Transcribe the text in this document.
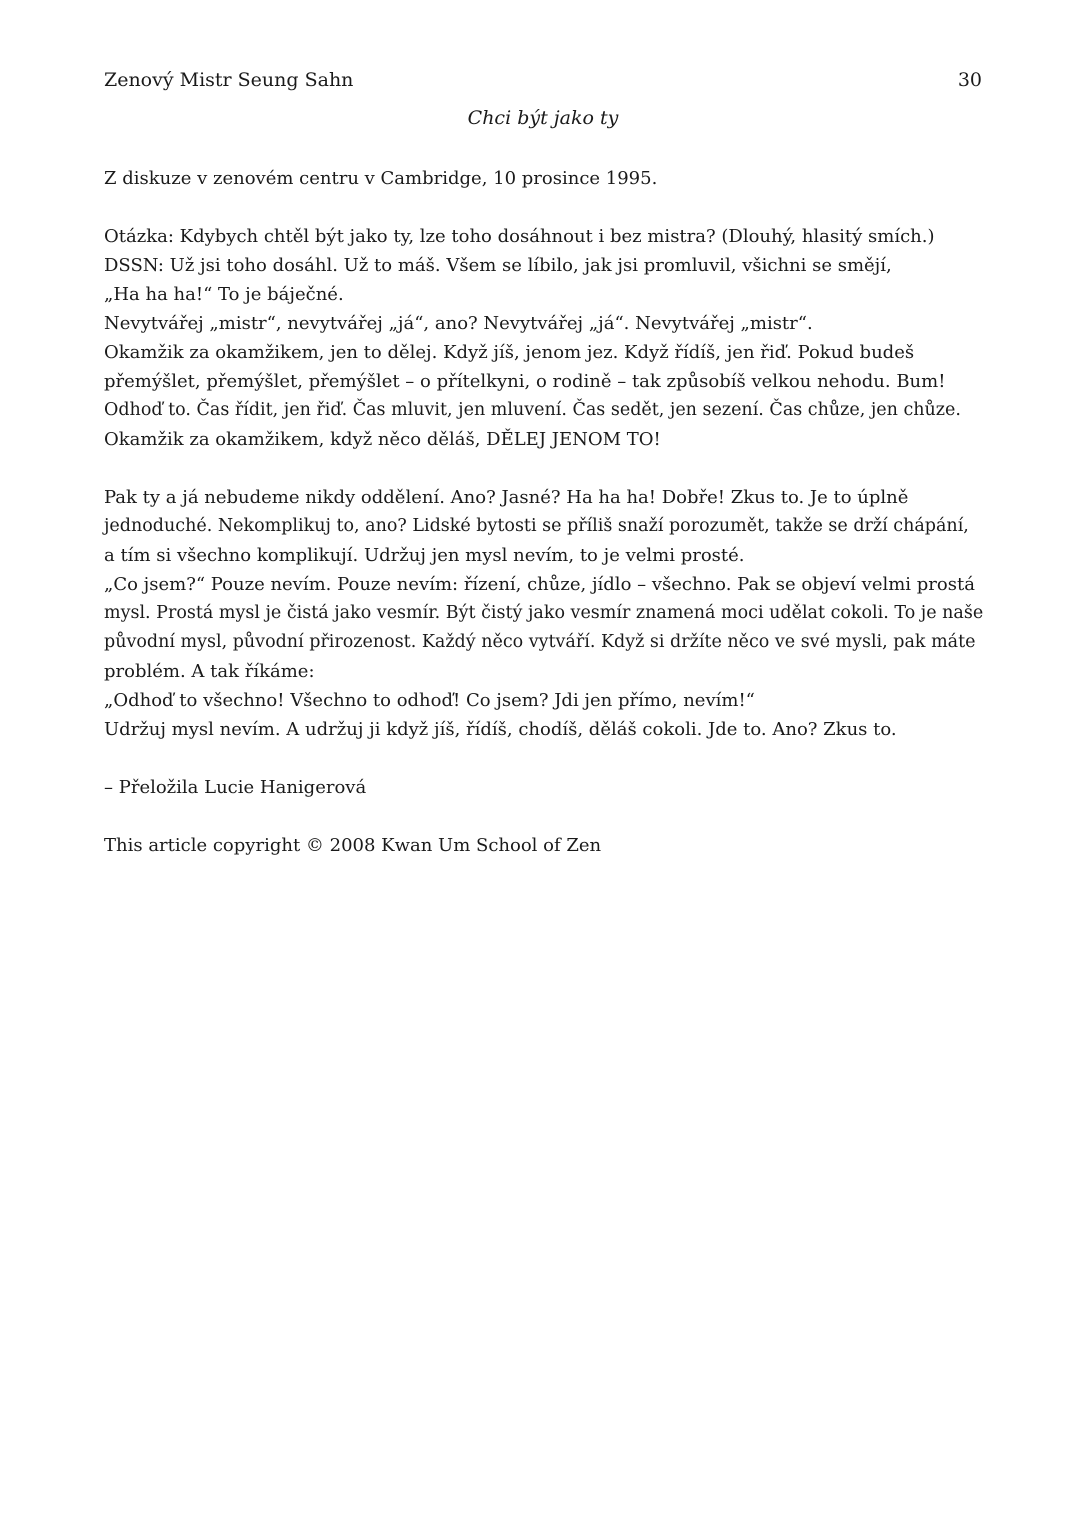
Zenový Mistr Seung Sahn	30
Chci být jako ty
Z diskuze v zenovém centru v Cambridge, 10 prosince 1995.
Otázka: Kdybych chtěl být jako ty, lze toho dosáhnout i bez mistra? (Dlouhý, hlasitý smích.)
DSSN: Už jsi toho dosáhl. Už to máš. Všem se líbilo, jak jsi promluvil, všichni se smějí,
„Ha ha ha!“ To je báječné.
Nevytvářej „mistr“, nevytvářej „já“, ano? Nevytvářej „já“. Nevytvářej „mistr“.
Okamžik za okamžikem, jen to dělej. Když jíš, jenom jez. Když řídíš, jen řiď. Pokud budeš
přemýšlet, přemýšlet, přemýšlet – o přítelkyni, o rodině – tak způsobíš velkou nehodu. Bum!
Odhoď to. Čas řídit, jen řiď. Čas mluvit, jen mluvení. Čas sedět, jen sezení. Čas chůze, jen chůze.
Okamžik za okamžikem, když něco děláš, DĚLEJ JENOM TO!
Pak ty a já nebudeme nikdy oddělení. Ano? Jasné? Ha ha ha! Dobře! Zkus to. Je to úplně
jednoduché. Nekomplikuj to, ano? Lidské bytosti se příliš snaží porozumět, takže se drží chápání,
a tím si všechno komplikují. Udržuj jen mysl nevím, to je velmi prosté.
„Co jsem?“ Pouze nevím. Pouze nevím: řízení, chůze, jídlo – všechno. Pak se objeví velmi prostá
mysl. Prostá mysl je čistá jako vesmír. Být čistý jako vesmír znamená moci udělat cokoli. To je naše
původní mysl, původní přirozenost. Každý něco vytváří. Když si držíte něco ve své mysli, pak máte
problém. A tak říkáme:
„Odhoď to všechno! Všechno to odhoď! Co jsem? Jdi jen přímo, nevím!“
Udržuj mysl nevím. A udržuj ji když jíš, řídíš, chodíš, děláš cokoli. Jde to. Ano? Zkus to.
– Přeložila Lucie Hanigerová
This article copyright © 2008 Kwan Um School of Zen
